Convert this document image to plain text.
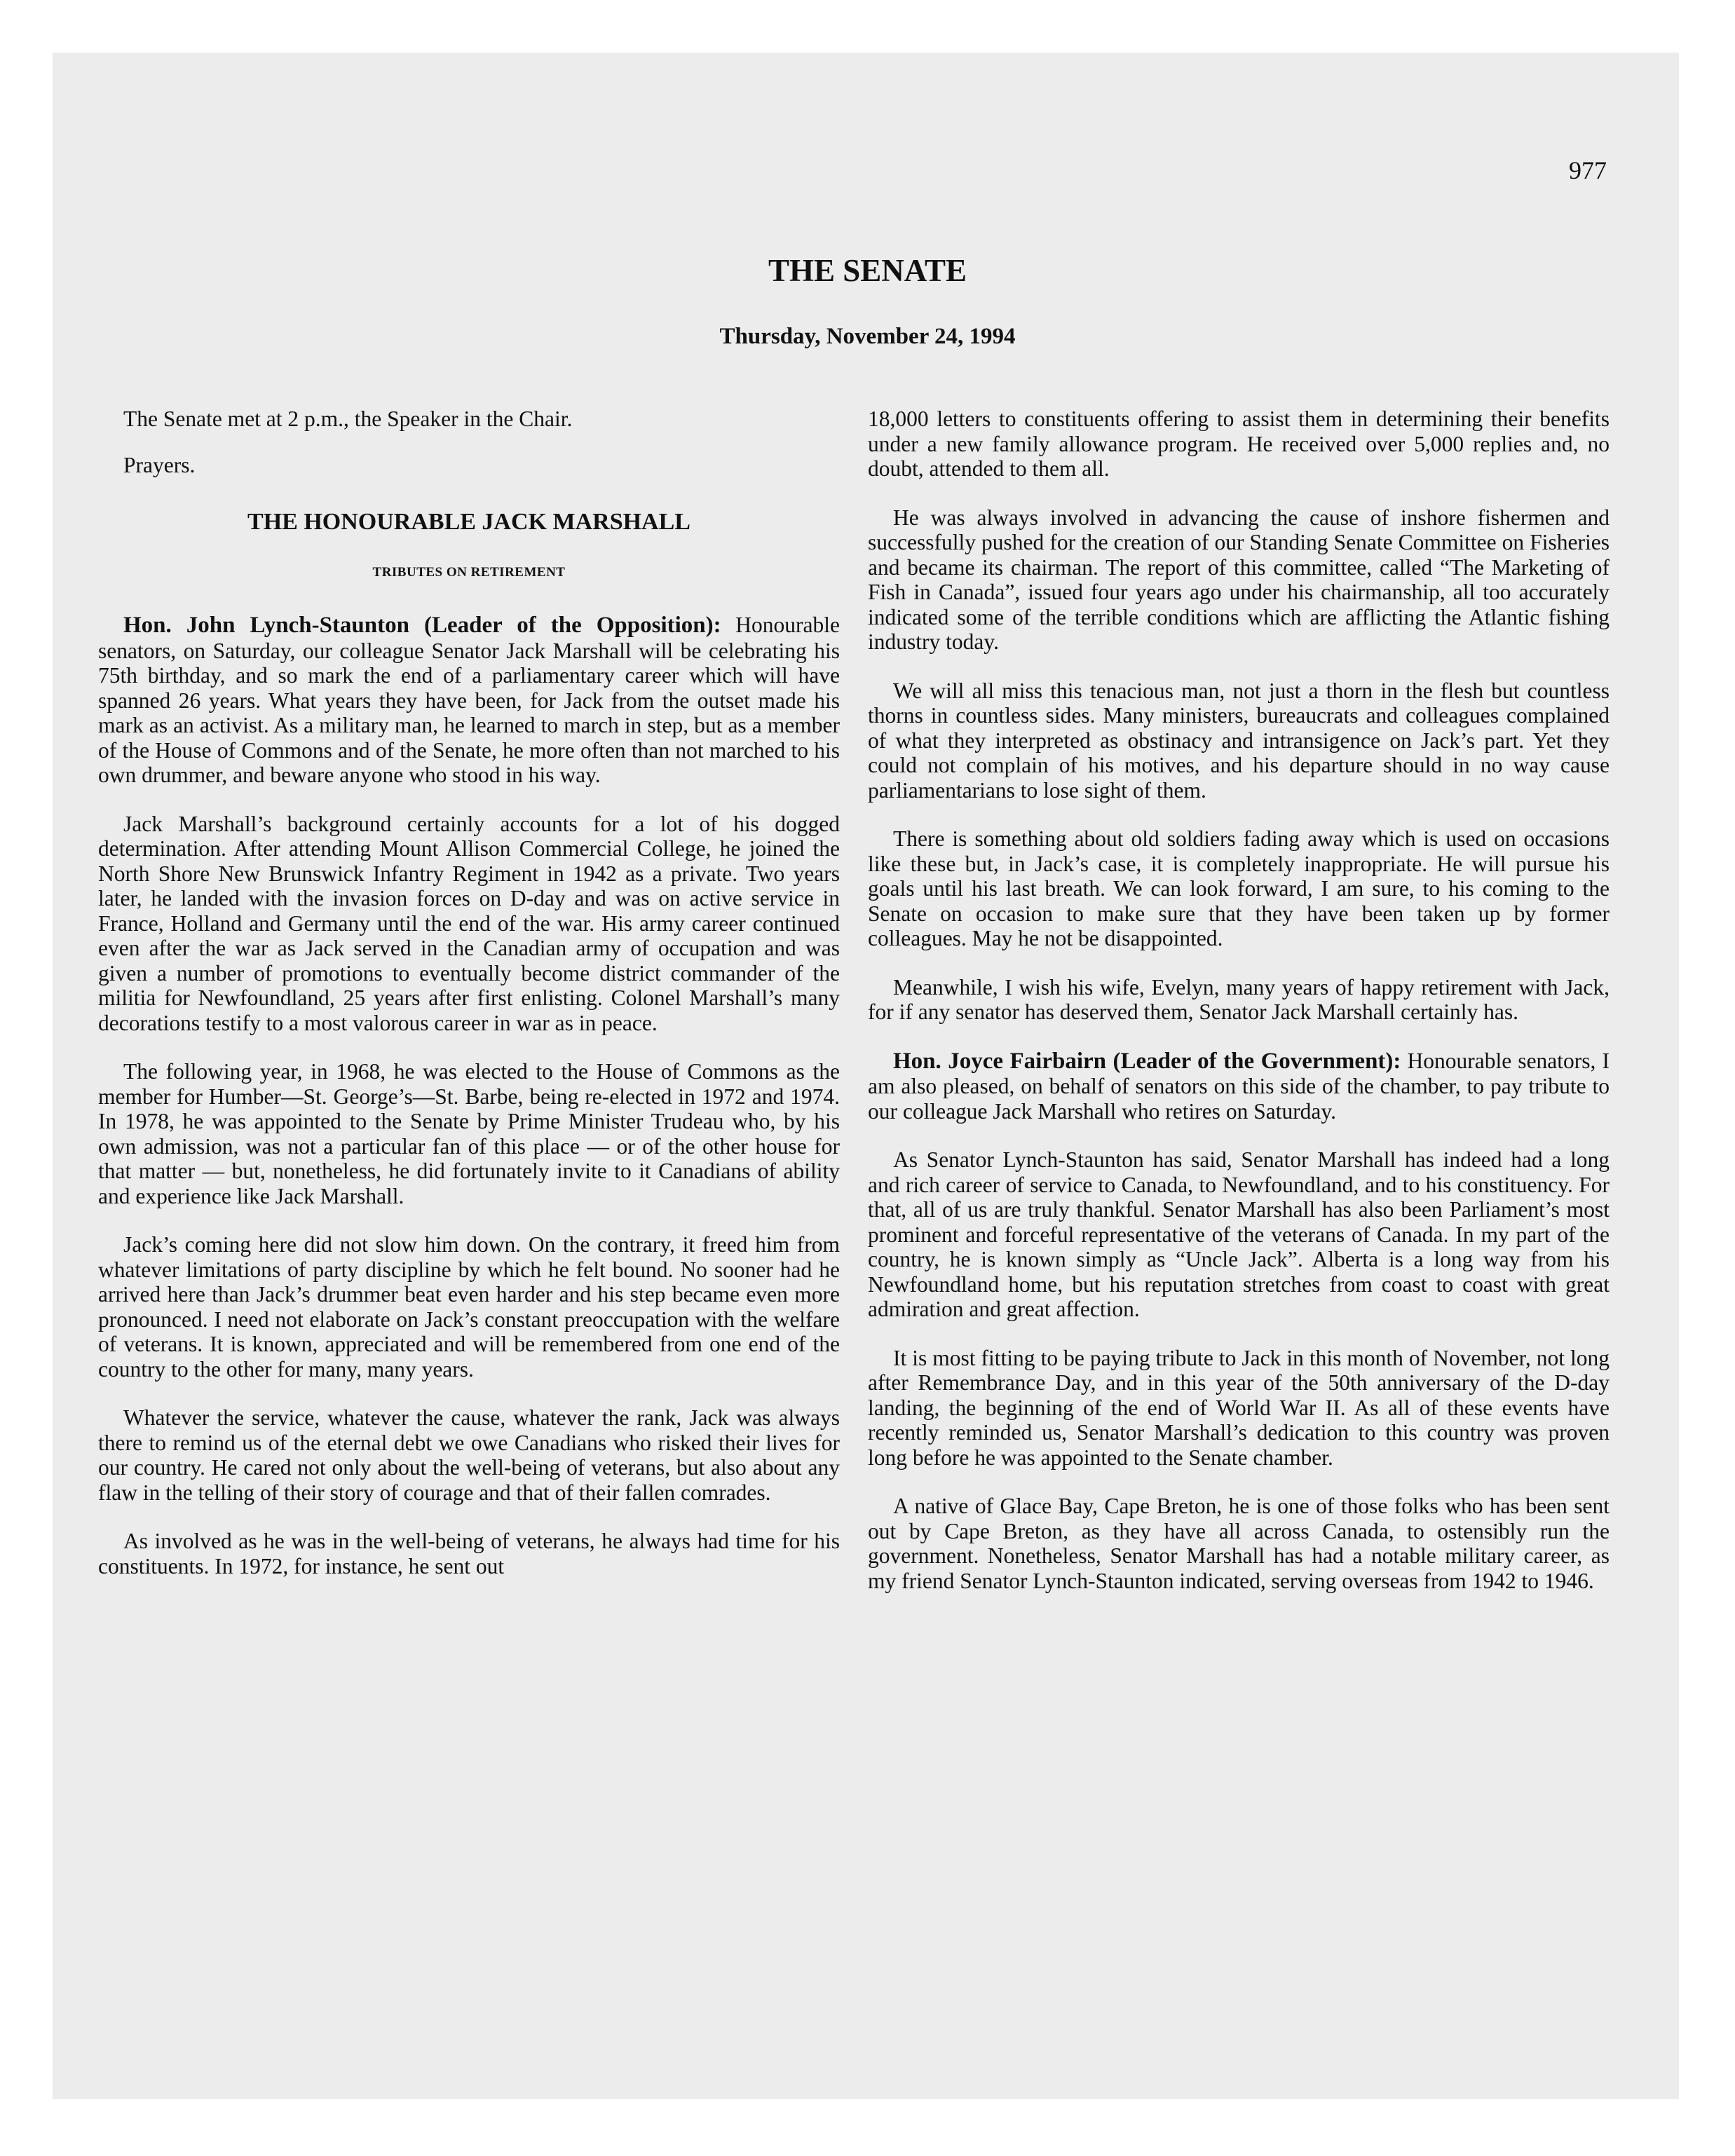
977

THE SENATE

Thursday, November 24, 1994

The Senate met at 2 p.m., the Speaker in the Chair.

Prayers.

THE HONOURABLE JACK MARSHALL
TRIBUTES ON RETIREMENT

Hon. John Lynch-Staunton (Leader of the Opposition): Honourable senators, on Saturday, our colleague Senator Jack Marshall will be celebrating his 75th birthday, and so mark the end of a parliamentary career which will have spanned 26 years. What years they have been, for Jack from the outset made his mark as an activist. As a military man, he learned to march in step, but as a member of the House of Commons and of the Senate, he more often than not marched to his own drummer, and beware anyone who stood in his way.

Jack Marshall’s background certainly accounts for a lot of his dogged determination. After attending Mount Allison Commercial College, he joined the North Shore New Brunswick Infantry Regiment in 1942 as a private. Two years later, he landed with the invasion forces on D-day and was on active service in France, Holland and Germany until the end of the war. His army career continued even after the war as Jack served in the Canadian army of occupation and was given a number of promotions to eventually become district commander of the militia for Newfoundland, 25 years after first enlisting. Colonel Marshall’s many decorations testify to a most valorous career in war as in peace.

The following year, in 1968, he was elected to the House of Commons as the member for Humber—St. George’s—St. Barbe, being re-elected in 1972 and 1974. In 1978, he was appointed to the Senate by Prime Minister Trudeau who, by his own admission, was not a particular fan of this place — or of the other house for that matter — but, nonetheless, he did fortunately invite to it Canadians of ability and experience like Jack Marshall.

Jack’s coming here did not slow him down. On the contrary, it freed him from whatever limitations of party discipline by which he felt bound. No sooner had he arrived here than Jack’s drummer beat even harder and his step became even more pronounced. I need not elaborate on Jack’s constant preoccupation with the welfare of veterans. It is known, appreciated and will be remembered from one end of the country to the other for many, many years.

Whatever the service, whatever the cause, whatever the rank, Jack was always there to remind us of the eternal debt we owe Canadians who risked their lives for our country. He cared not only about the well-being of veterans, but also about any flaw in the telling of their story of courage and that of their fallen comrades.

As involved as he was in the well-being of veterans, he always had time for his constituents. In 1972, for instance, he sent out

18,000 letters to constituents offering to assist them in determining their benefits under a new family allowance program. He received over 5,000 replies and, no doubt, attended to them all.

He was always involved in advancing the cause of inshore fishermen and successfully pushed for the creation of our Standing Senate Committee on Fisheries and became its chairman. The report of this committee, called “The Marketing of Fish in Canada”, issued four years ago under his chairmanship, all too accurately indicated some of the terrible conditions which are afflicting the Atlantic fishing industry today.

We will all miss this tenacious man, not just a thorn in the flesh but countless thorns in countless sides. Many ministers, bureaucrats and colleagues complained of what they interpreted as obstinacy and intransigence on Jack’s part. Yet they could not complain of his motives, and his departure should in no way cause parliamentarians to lose sight of them.

There is something about old soldiers fading away which is used on occasions like these but, in Jack’s case, it is completely inappropriate. He will pursue his goals until his last breath. We can look forward, I am sure, to his coming to the Senate on occasion to make sure that they have been taken up by former colleagues. May he not be disappointed.

Meanwhile, I wish his wife, Evelyn, many years of happy retirement with Jack, for if any senator has deserved them, Senator Jack Marshall certainly has.

Hon. Joyce Fairbairn (Leader of the Government): Honourable senators, I am also pleased, on behalf of senators on this side of the chamber, to pay tribute to our colleague Jack Marshall who retires on Saturday.

As Senator Lynch-Staunton has said, Senator Marshall has indeed had a long and rich career of service to Canada, to Newfoundland, and to his constituency. For that, all of us are truly thankful. Senator Marshall has also been Parliament’s most prominent and forceful representative of the veterans of Canada. In my part of the country, he is known simply as “Uncle Jack”. Alberta is a long way from his Newfoundland home, but his reputation stretches from coast to coast with great admiration and great affection.

It is most fitting to be paying tribute to Jack in this month of November, not long after Remembrance Day, and in this year of the 50th anniversary of the D-day landing, the beginning of the end of World War II. As all of these events have recently reminded us, Senator Marshall’s dedication to this country was proven long before he was appointed to the Senate chamber.

A native of Glace Bay, Cape Breton, he is one of those folks who has been sent out by Cape Breton, as they have all across Canada, to ostensibly run the government. Nonetheless, Senator Marshall has had a notable military career, as my friend Senator Lynch-Staunton indicated, serving overseas from 1942 to 1946.
